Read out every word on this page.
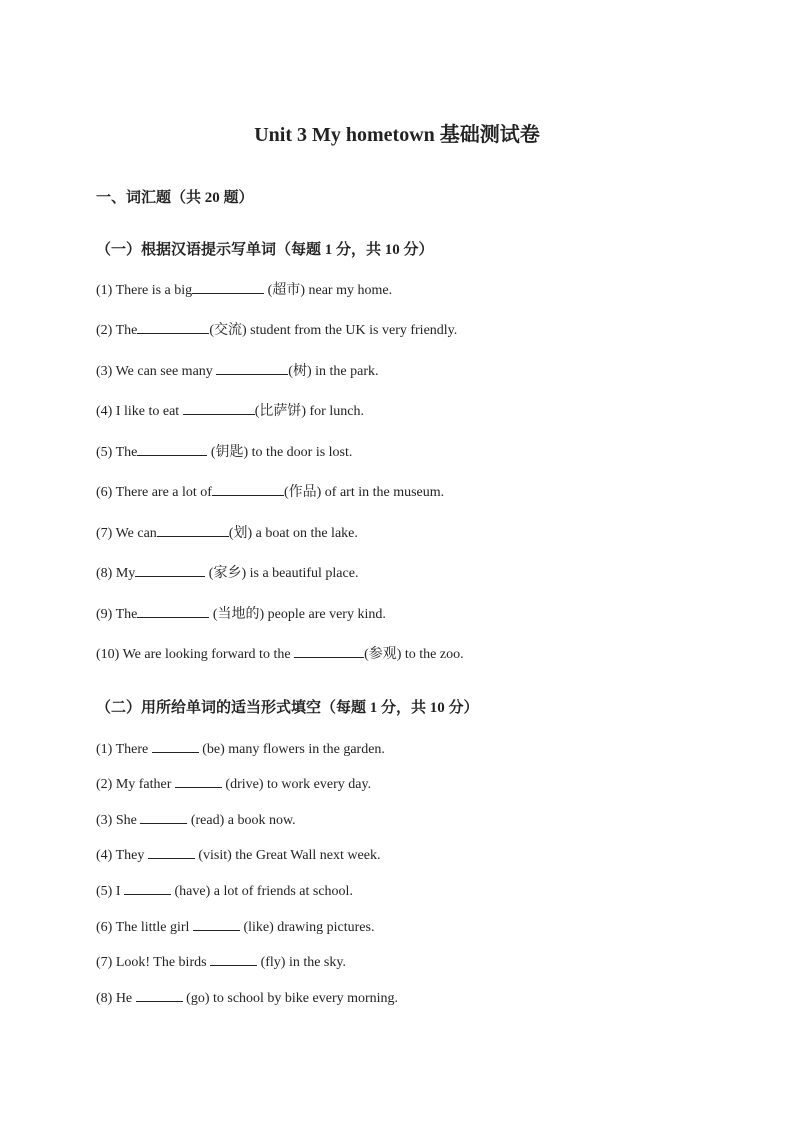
Unit 3 My hometown 基础测试卷
一、词汇题（共 20 题）
（一）根据汉语提示写单词（每题 1 分，共 10 分）
(1) There is a big	(超市) near my home.
(2) The	(交流) student from the UK is very friendly.
(3) We can see many	(树) in the park.
(4) I like to eat	(比萨饼) for lunch.
(5) The	(钥匙) to the door is lost.
(6) There are a lot of	(作品) of art in the museum.
(7) We can	(划) a boat on the lake.
(8) My	(家乡) is a beautiful place.
(9) The	(当地的) people are very kind.
(10) We are looking forward to the	(参观) to the zoo.
（二）用所给单词的适当形式填空（每题 1 分，共 10 分）
(1) There	(be) many flowers in the garden.
(2) My father	(drive) to work every day.
(3) She	(read) a book now.
(4) They	(visit) the Great Wall next week.
(5) I	(have) a lot of friends at school.
(6) The little girl	(like) drawing pictures.
(7) Look! The birds	(fly) in the sky.
(8) He	(go) to school by bike every morning.
